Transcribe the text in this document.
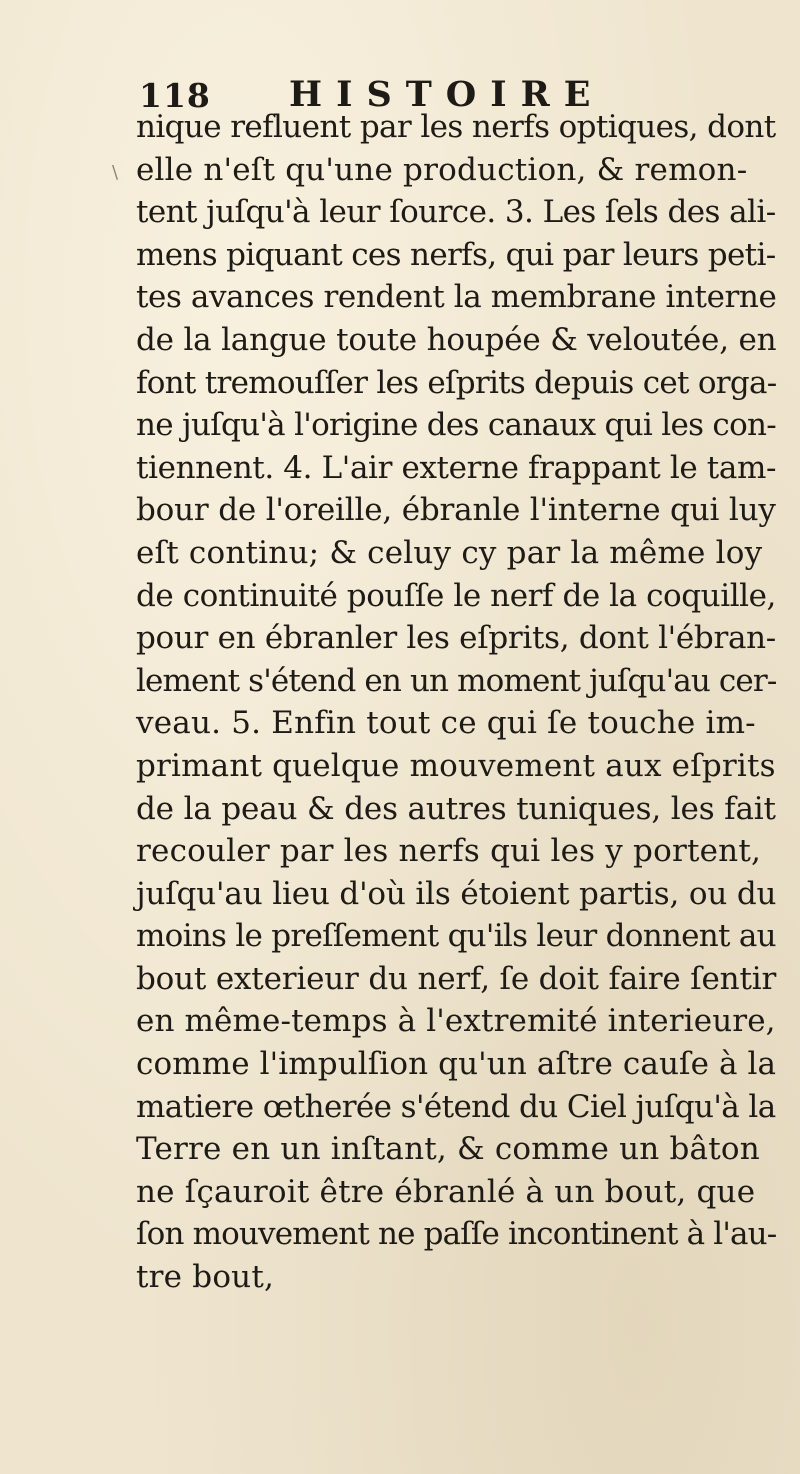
118 HISTOIRE
nique refluent par les nerfs optiques, dont
elle n'eſt qu'une production, & remon-
tent juſqu'à leur ſource. 3. Les ſels des ali-
mens piquant ces nerfs, qui par leurs peti-
tes avances rendent la membrane interne
de la langue toute houpée & veloutée, en
font tremouſſer les eſprits depuis cet orga-
ne juſqu'à l'origine des canaux qui les con-
tiennent. 4. L'air externe frappant le tam-
bour de l'oreille, ébranle l'interne qui luy
eſt continu; & celuy cy par la même loy
de continuité pouſſe le nerf de la coquille,
pour en ébranler les eſprits, dont l'ébran-
lement s'étend en un moment juſqu'au cer-
veau. 5. Enfin tout ce qui ſe touche im-
primant quelque mouvement aux eſprits
de la peau & des autres tuniques, les fait
recouler par les nerfs qui les y portent,
juſqu'au lieu d'où ils étoient partis, ou du
moins le preſſement qu'ils leur donnent au
bout exterieur du nerf, ſe doit faire ſentir
en même-temps à l'extremité interieure,
comme l'impulſion qu'un aſtre cauſe à la
matiere œtherée s'étend du Ciel juſqu'à la
Terre en un inſtant, & comme un bâton
ne ſçauroit être ébranlé à un bout, que
ſon mouvement ne paſſe incontinent à l'au-
tre bout,
\
